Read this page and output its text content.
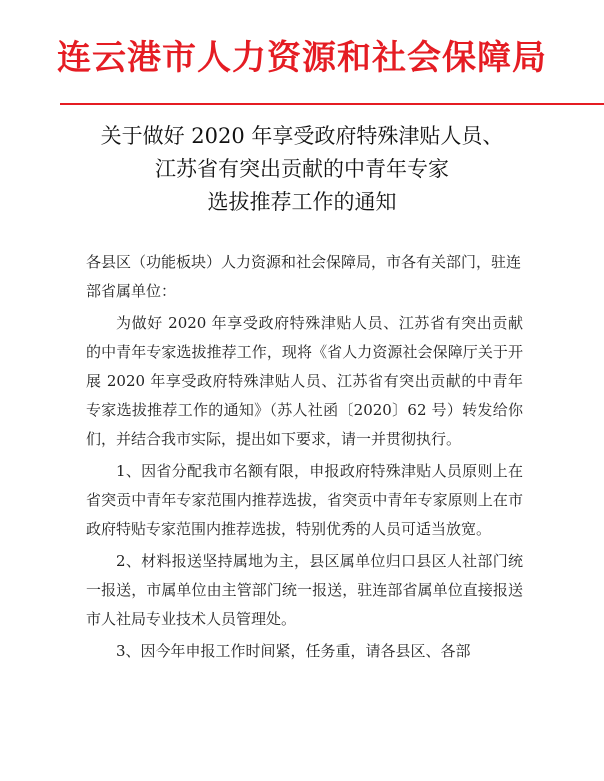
连云港市人力资源和社会保障局
关于做好 2020 年享受政府特殊津贴人员、
江苏省有突出贡献的中青年专家
选拔推荐工作的通知

各县区（功能板块）人力资源和社会保障局，市各有关部门，驻连部省属单位：

为做好 2020 年享受政府特殊津贴人员、江苏省有突出贡献的中青年专家选拔推荐工作，现将《省人力资源社会保障厅关于开展 2020 年享受政府特殊津贴人员、江苏省有突出贡献的中青年专家选拔推荐工作的通知》（苏人社函〔2020〕62 号）转发给你们，并结合我市实际，提出如下要求，请一并贯彻执行。

1、因省分配我市名额有限，申报政府特殊津贴人员原则上在省突贡中青年专家范围内推荐选拔，省突贡中青年专家原则上在市政府特贴专家范围内推荐选拔，特别优秀的人员可适当放宽。

2、材料报送坚持属地为主，县区属单位归口县区人社部门统一报送，市属单位由主管部门统一报送，驻连部省属单位直接报送市人社局专业技术人员管理处。

3、因今年申报工作时间紧，任务重，请各县区、各部
